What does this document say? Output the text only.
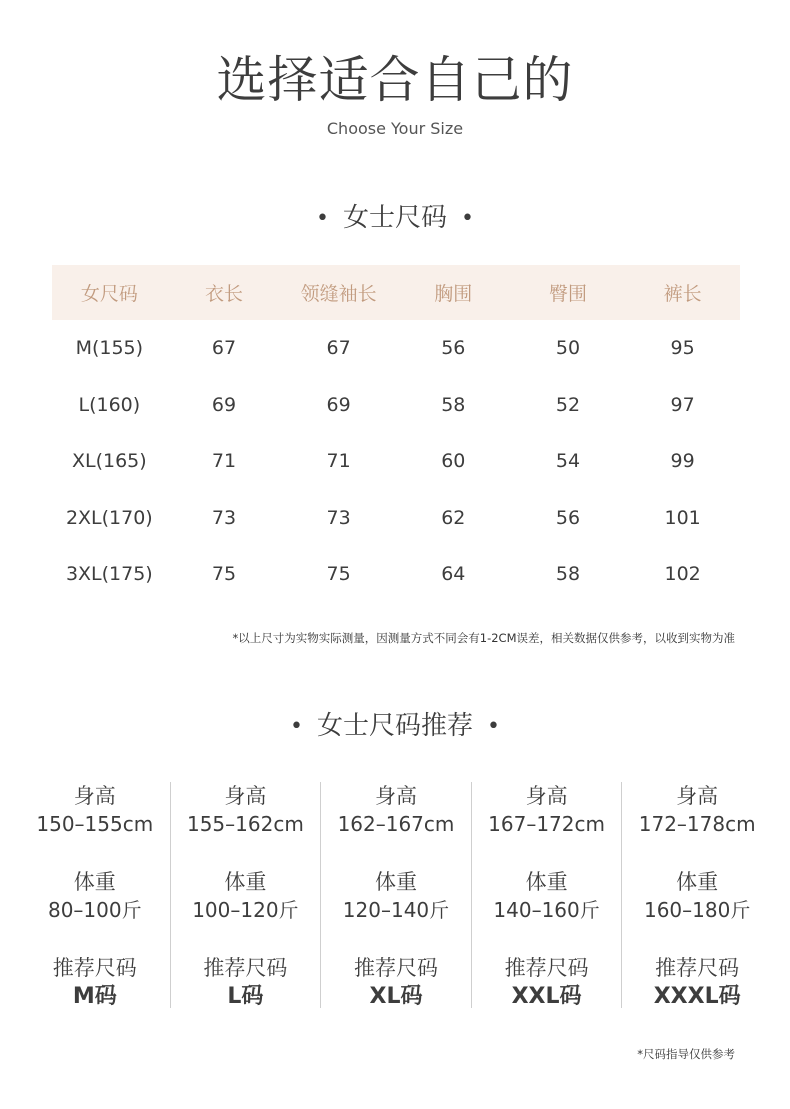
选择适合自己的
Choose Your Size
• 女士尺码 •
女尺码	衣长	领缝袖长	胸围	臀围	裤长
M(155)	67	67	56	50	95
L(160)	69	69	58	52	97
XL(165)	71	71	60	54	99
2XL(170)	73	73	62	56	101
3XL(175)	75	75	64	58	102
*以上尺寸为实物实际测量，因测量方式不同会有1-2CM误差，相关数据仅供参考，以收到实物为准
• 女士尺码推荐 •
身高
150–155cm
体重
80–100斤
推荐尺码
M码
身高
155–162cm
体重
100–120斤
推荐尺码
L码
身高
162–167cm
体重
120–140斤
推荐尺码
XL码
身高
167–172cm
体重
140–160斤
推荐尺码
XXL码
身高
172–178cm
体重
160–180斤
推荐尺码
XXXL码
*尺码指导仅供参考
